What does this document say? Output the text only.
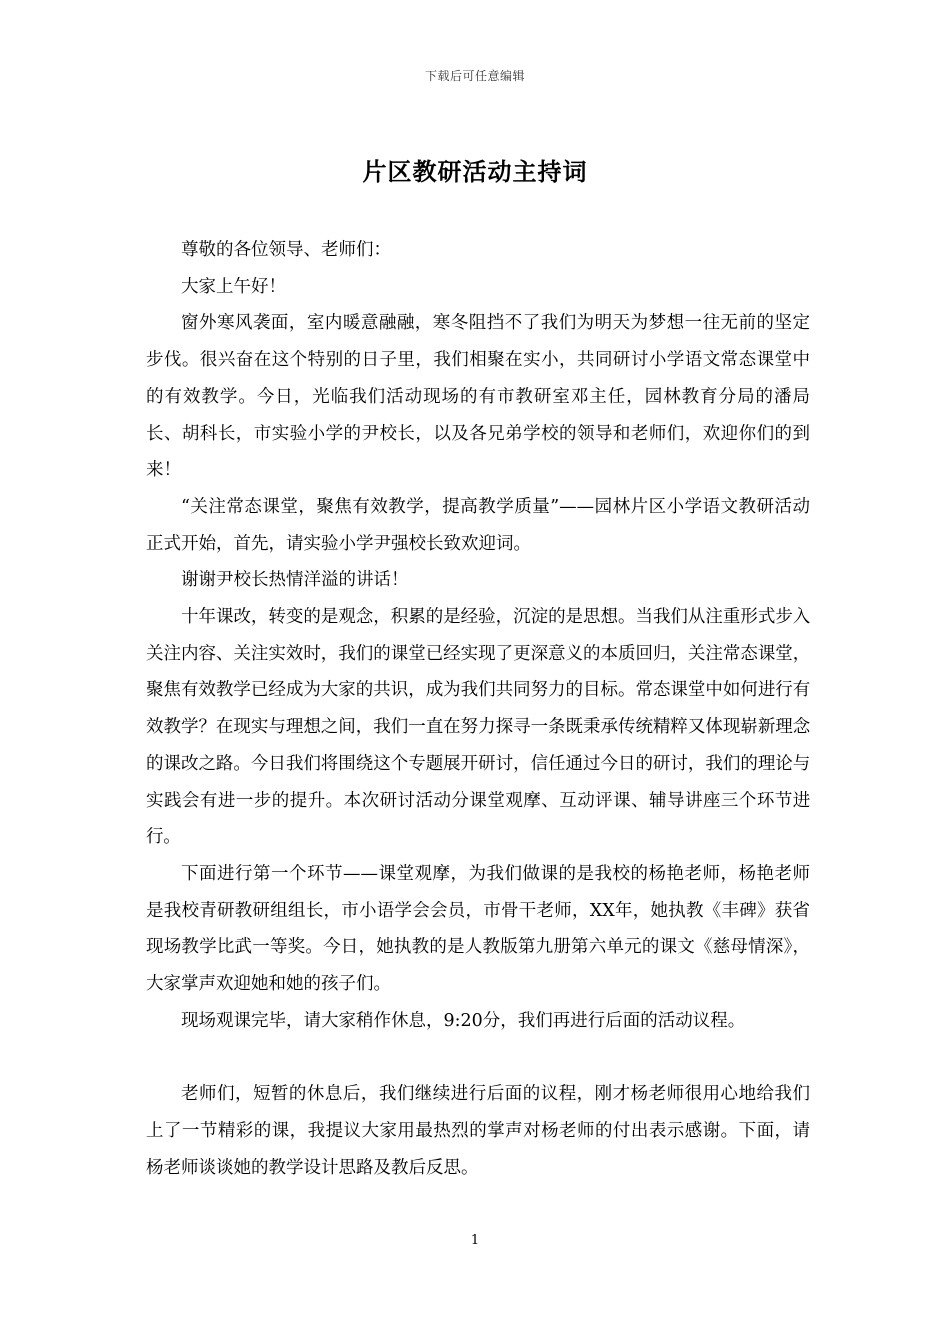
下载后可任意编辑
片区教研活动主持词

尊敬的各位领导、老师们：

大家上午好！

窗外寒风袭面，室内暖意融融，寒冬阻挡不了我们为明天为梦想一往无前的坚定步伐。很兴奋在这个特别的日子里，我们相聚在实小，共同研讨小学语文常态课堂中的有效教学。今日，光临我们活动现场的有市教研室邓主任，园林教育分局的潘局长、胡科长，市实验小学的尹校长，以及各兄弟学校的领导和老师们，欢迎你们的到来！

“关注常态课堂，聚焦有效教学，提高教学质量”——园林片区小学语文教研活动正式开始，首先，请实验小学尹强校长致欢迎词。

谢谢尹校长热情洋溢的讲话！

十年课改，转变的是观念，积累的是经验，沉淀的是思想。当我们从注重形式步入关注内容、关注实效时，我们的课堂已经实现了更深意义的本质回归，关注常态课堂，聚焦有效教学已经成为大家的共识，成为我们共同努力的目标。常态课堂中如何进行有效教学？在现实与理想之间，我们一直在努力探寻一条既秉承传统精粹又体现崭新理念的课改之路。今日我们将围绕这个专题展开研讨，信任通过今日的研讨，我们的理论与实践会有进一步的提升。本次研讨活动分课堂观摩、互动评课、辅导讲座三个环节进行。

下面进行第一个环节——课堂观摩，为我们做课的是我校的杨艳老师，杨艳老师是我校青研教研组组长，市小语学会会员，市骨干老师，XX年，她执教《丰碑》获省现场教学比武一等奖。今日，她执教的是人教版第九册第六单元的课文《慈母情深》，大家掌声欢迎她和她的孩子们。

现场观课完毕，请大家稍作休息，9:20分，我们再进行后面的活动议程。

老师们，短暂的休息后，我们继续进行后面的议程，刚才杨老师很用心地给我们上了一节精彩的课，我提议大家用最热烈的掌声对杨老师的付出表示感谢。下面，请杨老师谈谈她的教学设计思路及教后反思。

1
